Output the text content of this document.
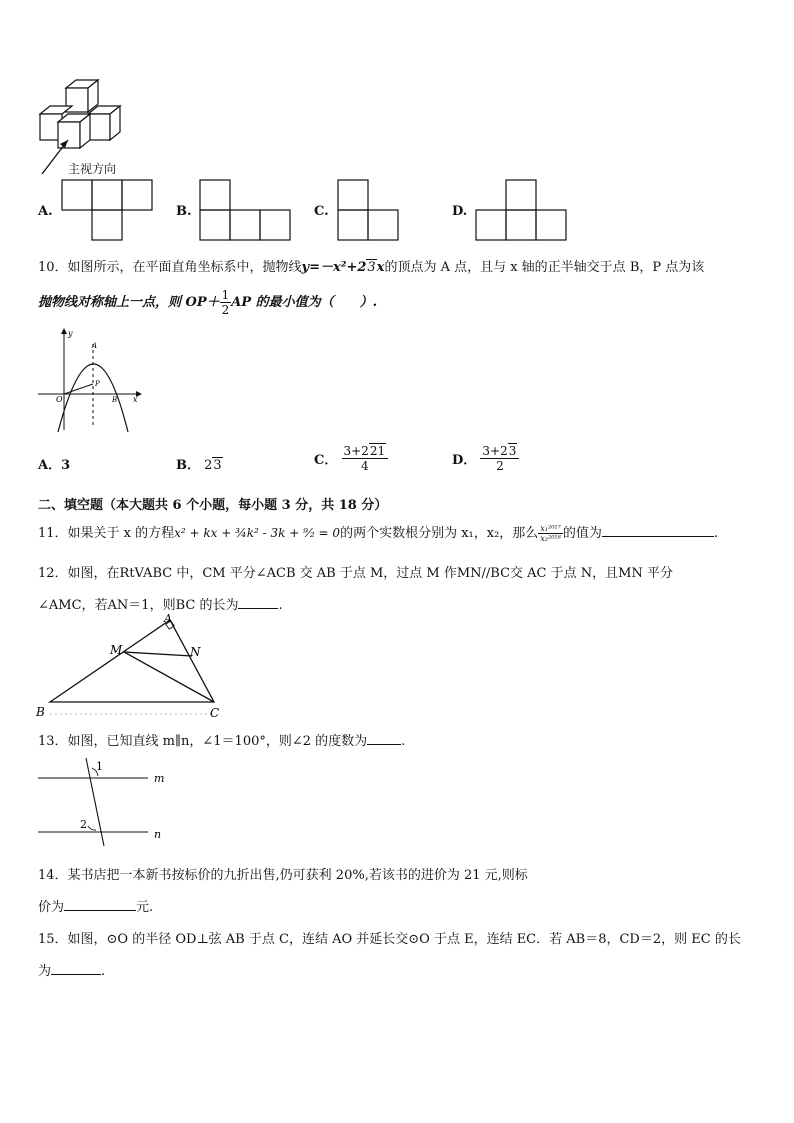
主视方向
A.	B.	C.	D.
10．如图所示，在平面直角坐标系中，抛物线y=－x²+23x的顶点为 A 点，且与 x 轴的正半轴交于点 B，P 点为该
抛物线对称轴上一点，则 $OP+ \frac{1}{2}$ AP 的最小值为（　　）.
y
x
O
A
P
B
A．3	B． 23	C． $\frac{3+221}{4}$	D． $\frac{3+23}{2}$
二、填空题（本大题共 6 个小题，每小题 3 分，共 18 分）
11．如果关于 x 的方程x² + kx + ¾k² - 3k + ⁹⁄₂ = 0的两个实数根分别为 x₁，x₂，那么 $\frac{\text{x₁²⁰¹⁷}}{\text{x₂²⁰¹⁸}}$ 的值为	.
12．如图，在RtVABC 中，CM 平分∠ACB 交 AB 于点 M，过点 M 作MN//BC交 AC 于点 N，且MN 平分
∠AMC，若AN＝1，则BC 的长为	.
A
M	N
B	C
13．如图，已知直线 m∥n，∠1＝100°，则∠2 的度数为	.
1
2
m
n
14．某书店把一本新书按标价的九折出售,仍可获利 20%,若该书的进价为 21 元,则标
价为	元.
15．如图，⊙O 的半径 OD⊥弦 AB 于点 C，连结 AO 并延长交⊙O 于点 E，连结 EC．若 AB＝8，CD＝2，则 EC 的长
为	.
